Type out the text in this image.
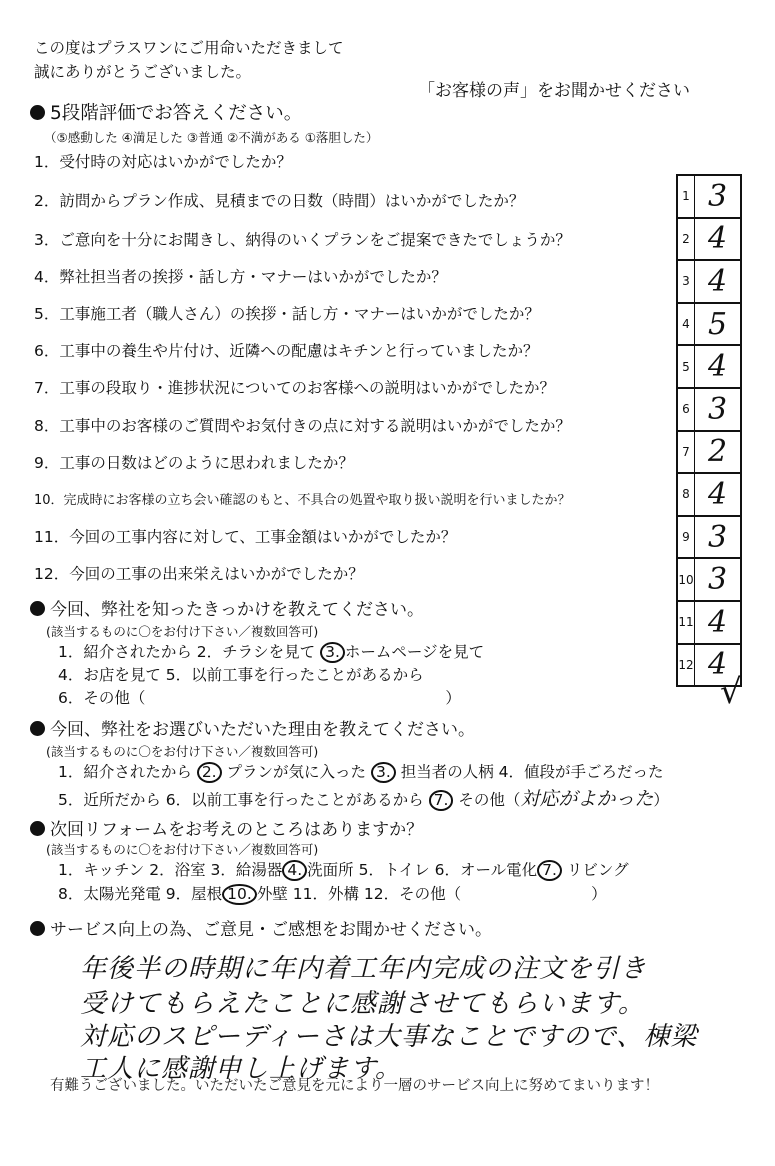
この度はプラスワンにご用命いただきまして
誠にありがとうございました。
「お客様の声」をお聞かせください
5段階評価でお答えください。
（⑤感動した ④満足した ③普通 ②不満がある ①落胆した）
1．受付時の対応はいかがでしたか？
2．訪問からプラン作成、見積までの日数（時間）はいかがでしたか？
3．ご意向を十分にお聞きし、納得のいくプランをご提案できたでしょうか？
4．弊社担当者の挨拶・話し方・マナーはいかがでしたか？
5．工事施工者（職人さん）の挨拶・話し方・マナーはいかがでしたか？
6．工事中の養生や片付け、近隣への配慮はキチンと行っていましたか？
7．工事の段取り・進捗状況についてのお客様への説明はいかがでしたか？
8．工事中のお客様のご質問やお気付きの点に対する説明はいかがでしたか？
9．工事の日数はどのように思われましたか？
10．完成時にお客様の立ち会い確認のもと、不具合の処置や取り扱い説明を行いましたか？
11．今回の工事内容に対して、工事金額はいかがでしたか？
12．今回の工事の出来栄えはいかがでしたか？
1 3
2 4
3 4
4 5
5 4
6 3
7 2
8 4
9 3
10 3
11 4
12 4
√
今回、弊社を知ったきっかけを教えてください。
(該当するものに〇をお付け下さい／複数回答可)
1．紹介されたから 2．チラシを見て 3. ホームページを見て
4．お店を見て 5．以前工事を行ったことがあるから
6．その他（	）
今回、弊社をお選びいただいた理由を教えてください。
(該当するものに〇をお付け下さい／複数回答可)
1．紹介されたから 2. プランが気に入った 3. 担当者の人柄 4．値段が手ごろだった
5．近所だから 6．以前工事を行ったことがあるから 7. その他（対応がよかった）
次回リフォームをお考えのところはありますか？
(該当するものに〇をお付け下さい／複数回答可)
1．キッチン 2．浴室 3．給湯器 4. 洗面所 5．トイレ 6．オール電化 7. リビング
8．太陽光発電 9．屋根 10. 外壁 11．外構 12．その他（	）
サービス向上の為、ご意見・ご感想をお聞かせください。
年後半の時期に年内着工年内完成の注文を引き
受けてもらえたことに感謝させてもらいます。
対応のスピーディーさは大事なことですので、棟梁
工人に感謝申し上げます。
有難うございました。いただいたご意見を元により一層のサービス向上に努めてまいります！
